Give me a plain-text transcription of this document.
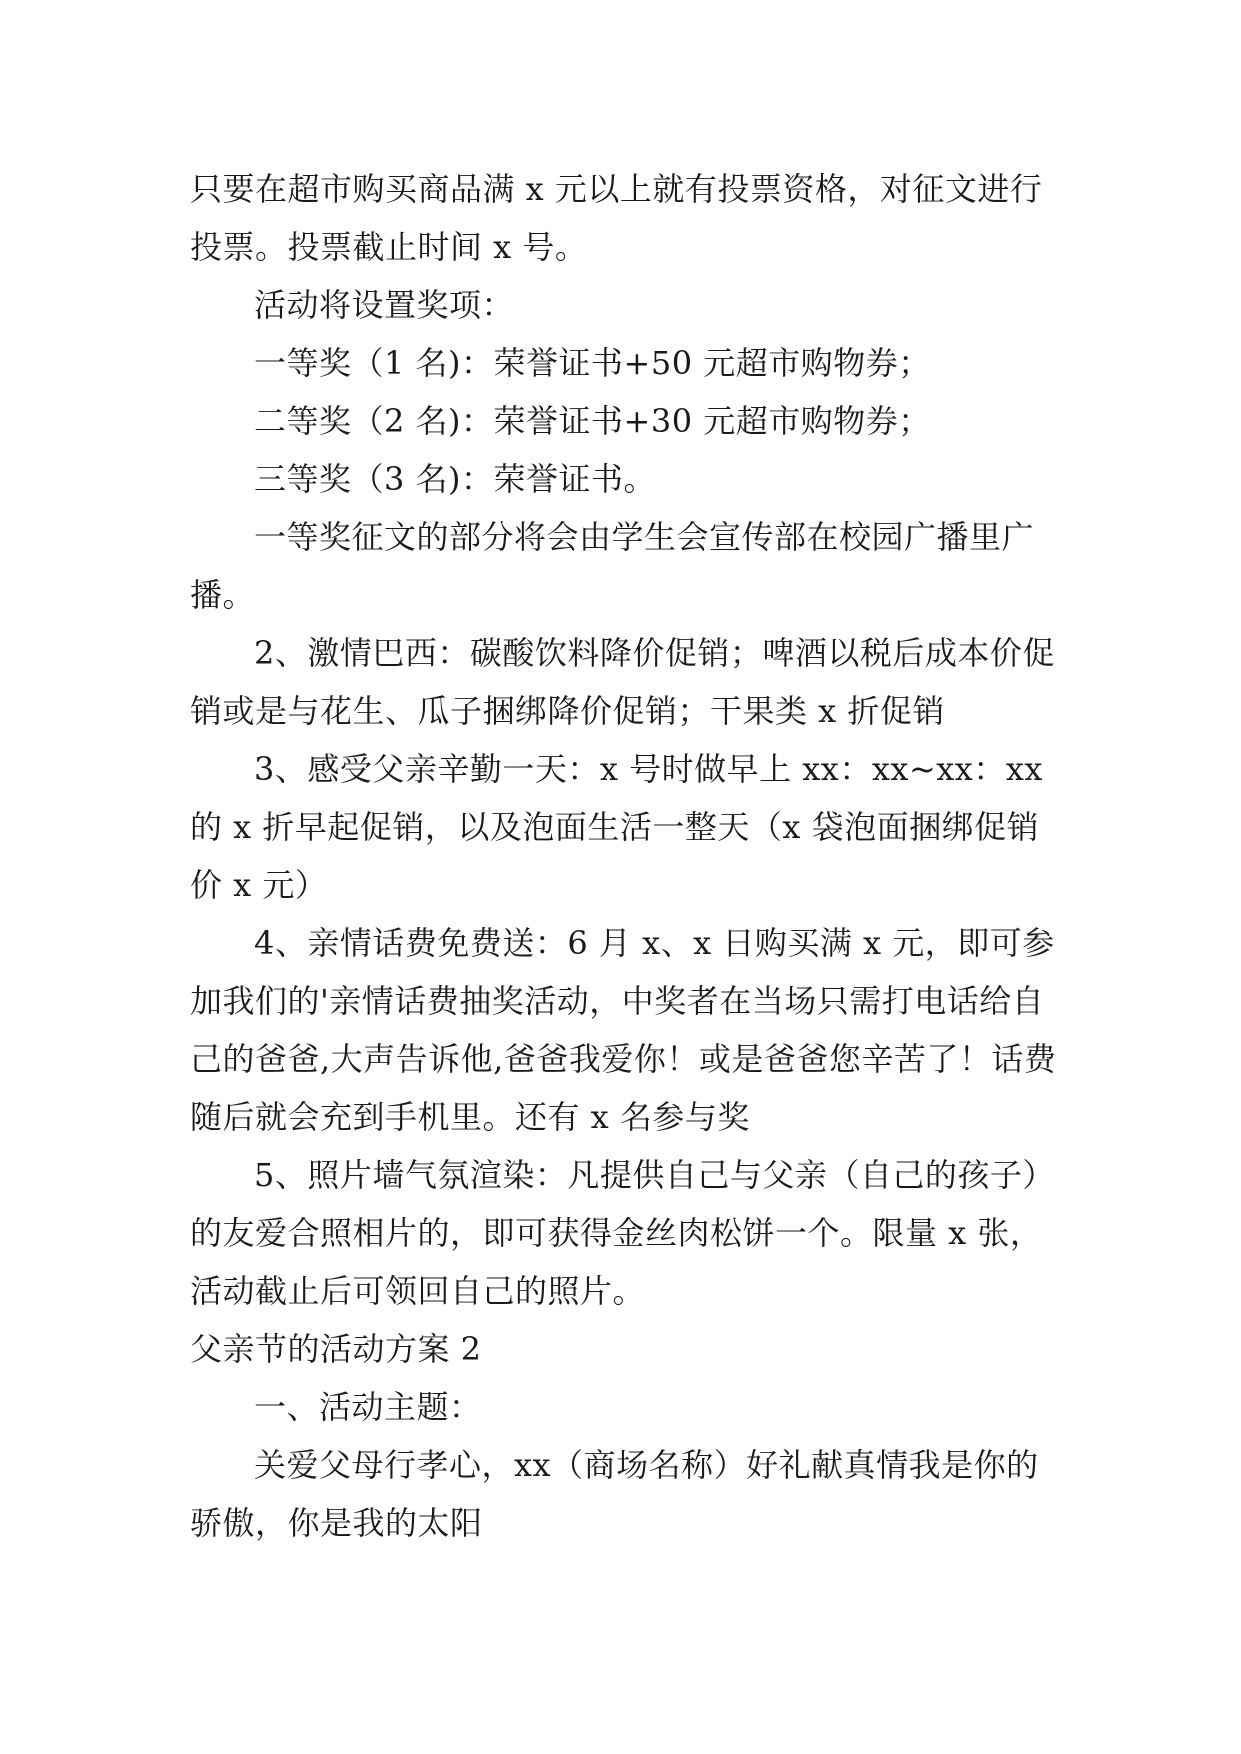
只要在超市购买商品满 x 元以上就有投票资格，对征文进行投票。投票截止时间 x 号。

活动将设置奖项：

一等奖（1 名)：荣誉证书+50 元超市购物券；

二等奖（2 名)：荣誉证书+30 元超市购物券；

三等奖（3 名)：荣誉证书。

一等奖征文的部分将会由学生会宣传部在校园广播里广播。

2、激情巴西：碳酸饮料降价促销；啤酒以税后成本价促销或是与花生、瓜子捆绑降价促销；干果类 x 折促销

3、感受父亲辛勤一天：x 号时做早上 xx：xx~xx：xx 的 x 折早起促销，以及泡面生活一整天（x 袋泡面捆绑促销价 x 元）

4、亲情话费免费送：6 月 x、x 日购买满 x 元，即可参加我们的'亲情话费抽奖活动，中奖者在当场只需打电话给自己的爸爸,大声告诉他,爸爸我爱你！或是爸爸您辛苦了！话费随后就会充到手机里。还有 x 名参与奖

5、照片墙气氛渲染：凡提供自己与父亲（自己的孩子）的友爱合照相片的，即可获得金丝肉松饼一个。限量 x 张，活动截止后可领回自己的照片。

父亲节的活动方案 2

一、活动主题：

关爱父母行孝心，xx（商场名称）好礼献真情我是你的骄傲，你是我的太阳
